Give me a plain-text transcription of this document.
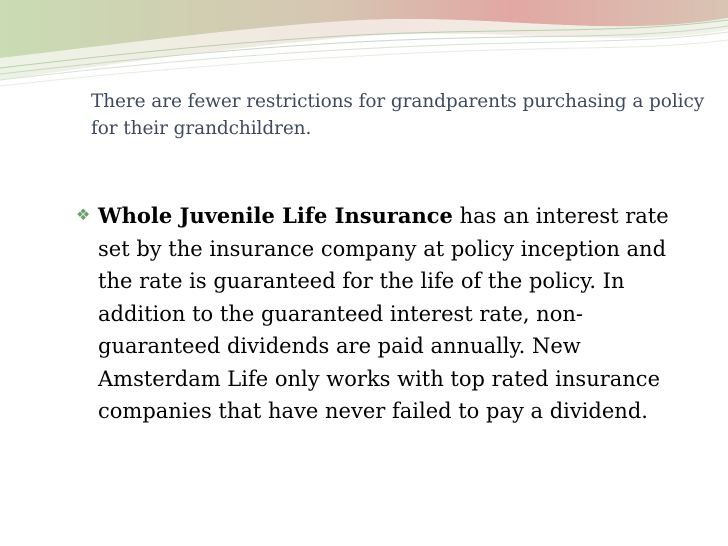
There are fewer restrictions for grandparents purchasing a policy for their grandchildren.

❖ Whole Juvenile Life Insurance has an interest rate set by the insurance company at policy inception and the rate is guaranteed for the life of the policy. In addition to the guaranteed interest rate, non-guaranteed dividends are paid annually. New Amsterdam Life only works with top rated insurance companies that have never failed to pay a dividend.
